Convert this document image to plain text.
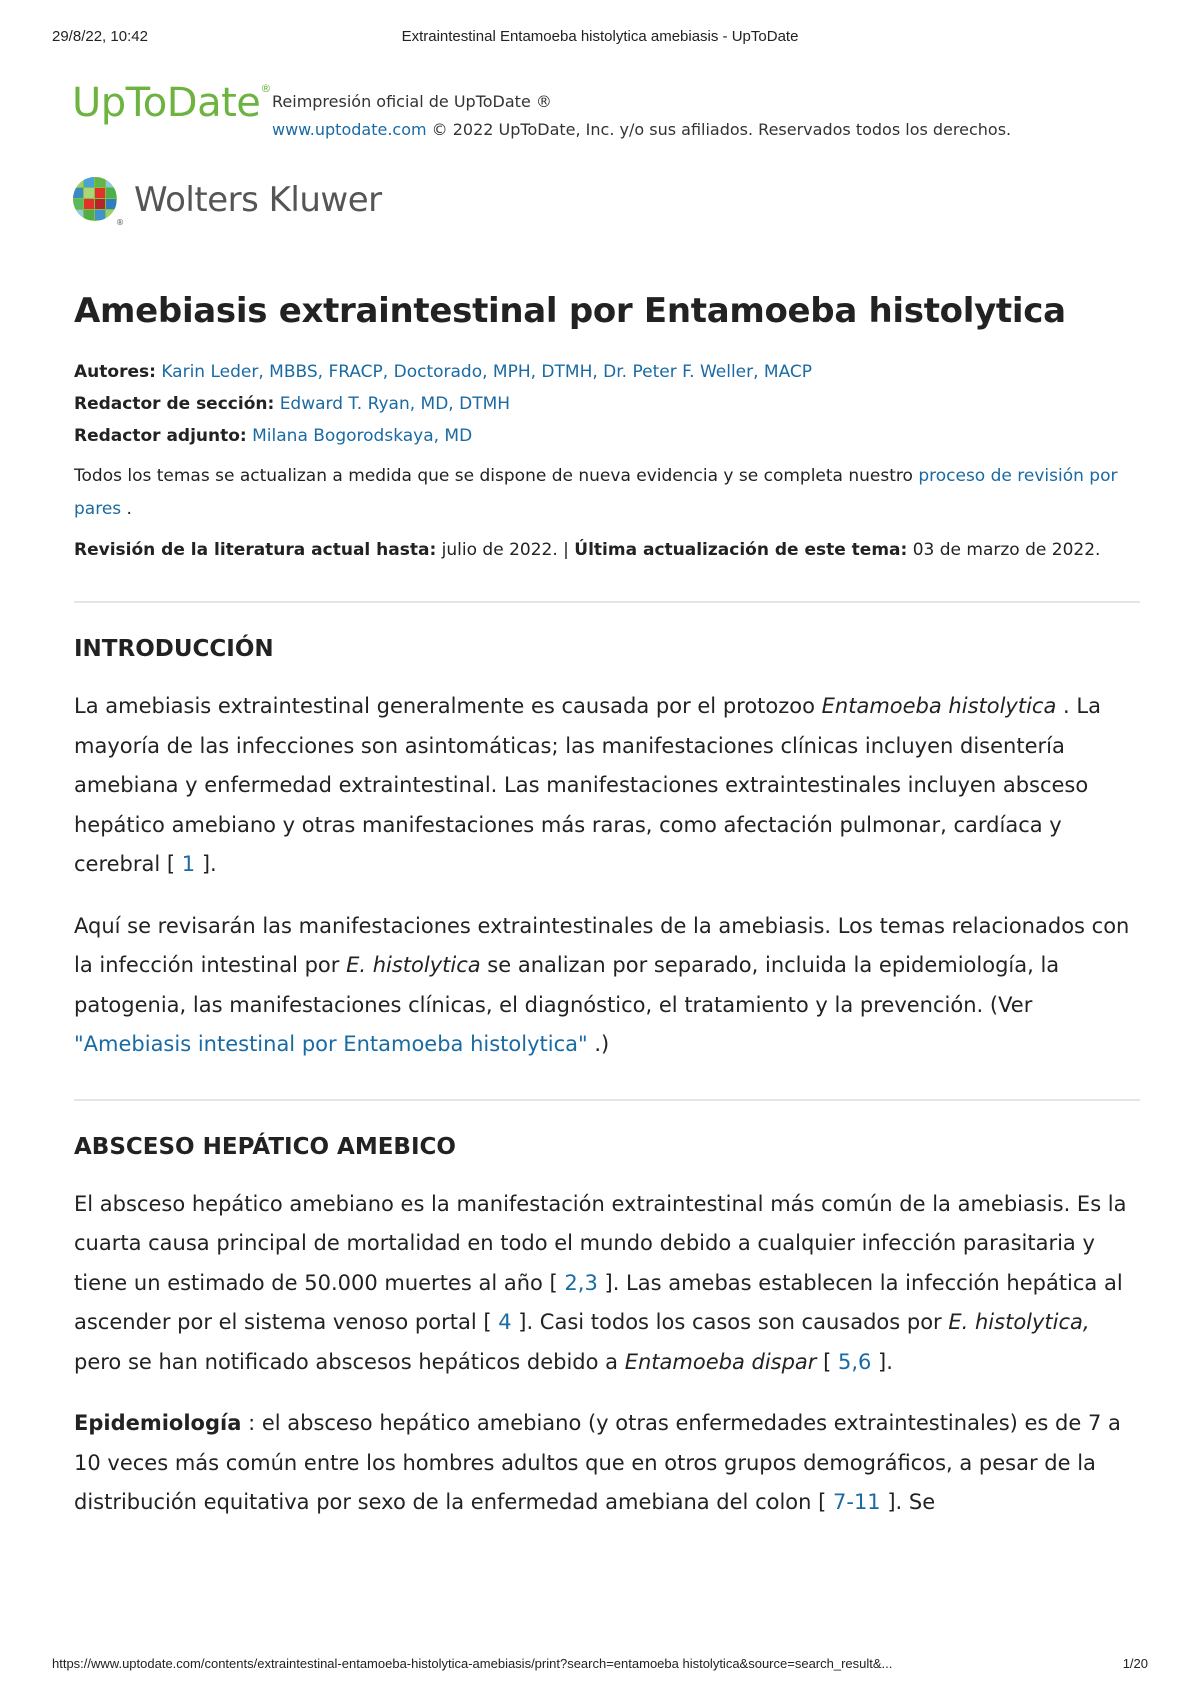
29/8/22, 10:42	Extraintestinal Entamoeba histolytica amebiasis - UpToDate
UpToDate®
Reimpresión oficial de UpToDate ®
www.uptodate.com © 2022 UpToDate, Inc. y/o sus afiliados. Reservados todos los derechos.
®
Wolters Kluwer
Amebiasis extraintestinal por Entamoeba histolytica
Autores: Karin Leder, MBBS, FRACP, Doctorado, MPH, DTMH, Dr. Peter F. Weller, MACP
Redactor de sección: Edward T. Ryan, MD, DTMH
Redactor adjunto: Milana Bogorodskaya, MD
Todos los temas se actualizan a medida que se dispone de nueva evidencia y se completa nuestro proceso de revisión por pares .
Revisión de la literatura actual hasta: julio de 2022. | Última actualización de este tema: 03 de marzo de 2022.
INTRODUCCIÓN

La amebiasis extraintestinal generalmente es causada por el protozoo Entamoeba histolytica . La mayoría de las infecciones son asintomáticas; las manifestaciones clínicas incluyen disentería amebiana y enfermedad extraintestinal. Las manifestaciones extraintestinales incluyen absceso hepático amebiano y otras manifestaciones más raras, como afectación pulmonar, cardíaca y cerebral [ 1 ].

Aquí se revisarán las manifestaciones extraintestinales de la amebiasis. Los temas relacionados con la infección intestinal por E. histolytica se analizan por separado, incluida la epidemiología, la patogenia, las manifestaciones clínicas, el diagnóstico, el tratamiento y la prevención. (Ver "Amebiasis intestinal por Entamoeba histolytica" .)

ABSCESO HEPÁTICO AMEBICO

El absceso hepático amebiano es la manifestación extraintestinal más común de la amebiasis. Es la cuarta causa principal de mortalidad en todo el mundo debido a cualquier infección parasitaria y tiene un estimado de 50.000 muertes al año [ 2,3 ]. Las amebas establecen la infección hepática al ascender por el sistema venoso portal [ 4 ]. Casi todos los casos son causados por E. histolytica, pero se han notificado abscesos hepáticos debido a Entamoeba dispar [ 5,6 ].

Epidemiología : el absceso hepático amebiano (y otras enfermedades extraintestinales) es de 7 a 10 veces más común entre los hombres adultos que en otros grupos demográficos, a pesar de la distribución equitativa por sexo de la enfermedad amebiana del colon [ 7-11 ]. Se

https://www.uptodate.com/contents/extraintestinal-entamoeba-histolytica-amebiasis/print?search=entamoeba histolytica&source=search_result&...	1/20
